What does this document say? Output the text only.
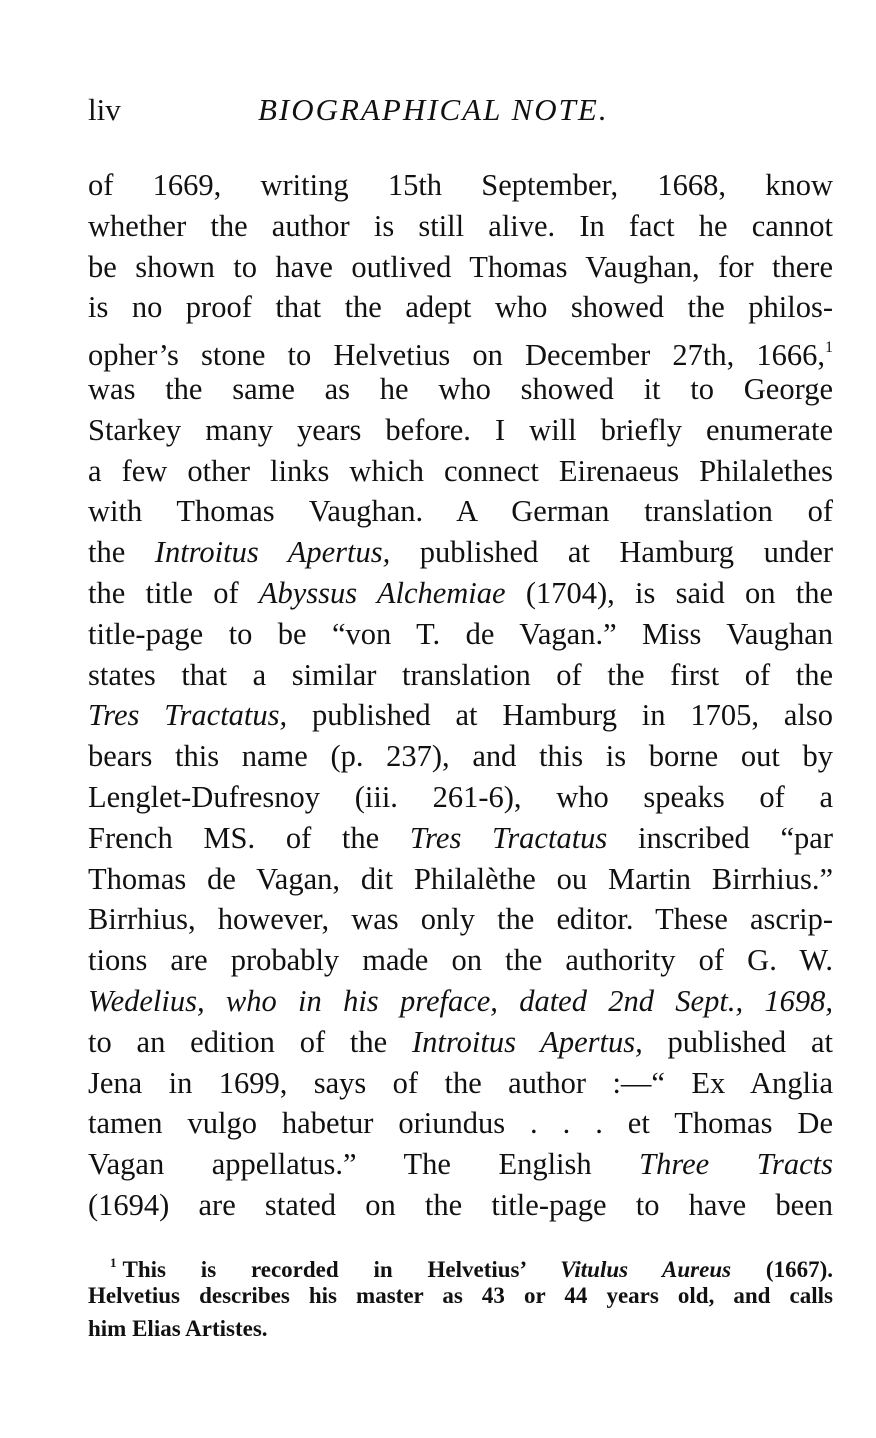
liv	BIOGRAPHICAL NOTE.
of 1669, writing 15th September, 1668, know
whether the author is still alive. In fact he cannot
be shown to have outlived Thomas Vaughan, for there
is no proof that the adept who showed the philos-
opher’s stone to Helvetius on December 27th, 1666,$^1$
was the same as he who showed it to George
Starkey many years before. I will briefly enumerate
a few other links which connect Eirenaeus Philalethes
with Thomas Vaughan. A German translation of
the Introitus Apertus, published at Hamburg under
the title of Abyssus Alchemiae (1704), is said on the
title-page to be “von T. de Vagan.” Miss Vaughan
states that a similar translation of the first of the
Tres Tractatus, published at Hamburg in 1705, also
bears this name (p. 237), and this is borne out by
Lenglet-Dufresnoy (iii. 261-6), who speaks of a
French MS. of the Tres Tractatus inscribed “par
Thomas de Vagan, dit Philalèthe ou Martin Birrhius.”
Birrhius, however, was only the editor. These ascrip-
tions are probably made on the authority of G. W.
Wedelius, who in his preface, dated 2nd Sept., 1698,
to an edition of the Introitus Apertus, published at
Jena in 1699, says of the author :—“ Ex Anglia
tamen vulgo habetur oriundus . . . et Thomas De
Vagan appellatus.” The English Three Tracts
(1694) are stated on the title-page to have been
$^1$ This is recorded in Helvetius’ Vitulus Aureus (1667).
Helvetius describes his master as 43 or 44 years old, and calls
him Elias Artistes.
